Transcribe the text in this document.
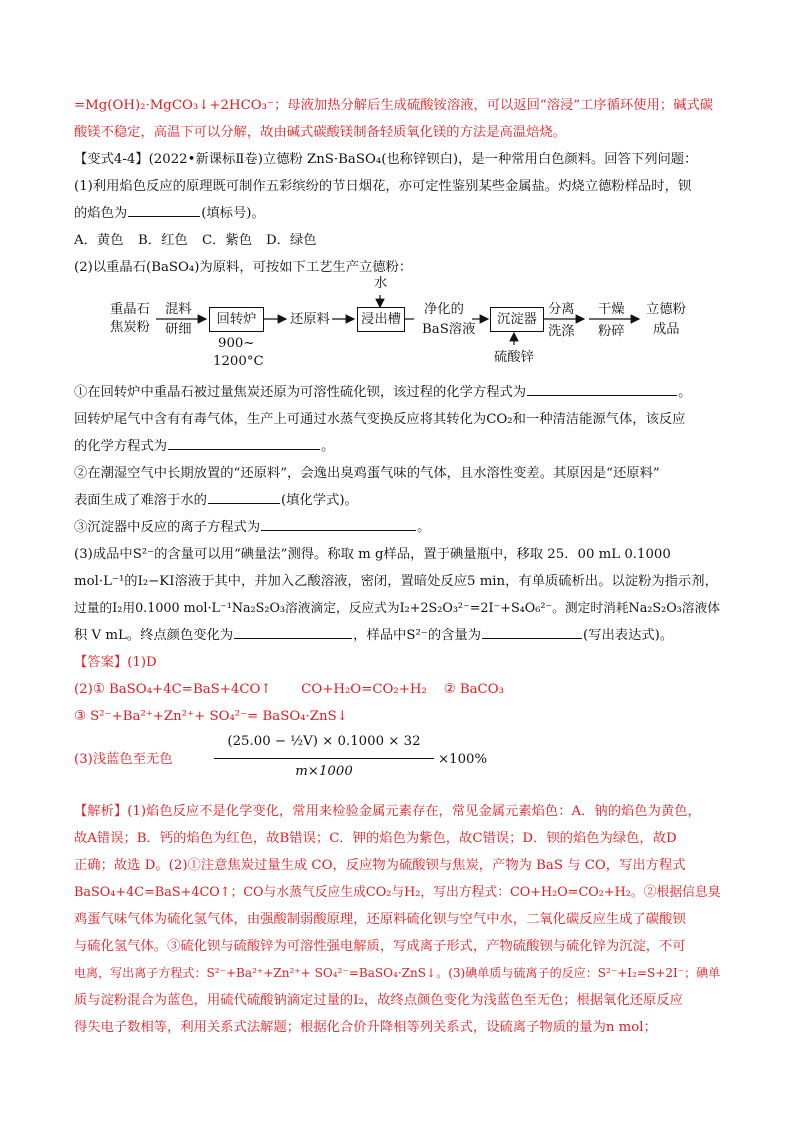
=Mg(OH)₂·MgCO₃↓+2HCO₃⁻；母液加热分解后生成硫酸铵溶液，可以返回“溶浸”工序循环使用；碱式碳
酸镁不稳定，高温下可以分解，故由碱式碳酸镁制备轻质氧化镁的方法是高温焙烧。
【变式4-4】(2022•新课标Ⅱ卷)立德粉 ZnS·BaSO₄(也称锌钡白)，是一种常用白色颜料。回答下列问题：
(1)利用焰色反应的原理既可制作五彩缤纷的节日烟花，亦可定性鉴别某些金属盐。灼烧立德粉样品时，钡
的焰色为	(填标号)。
A．黄色 B．红色 C．紫色 D．绿色
(2)以重晶石(BaSO₄)为原料，可按如下工艺生产立德粉：
重晶石
焦炭粉
混料
研细
回转炉
900~
1200°C
还原料
水
浸出槽
净化的
BaS溶液
沉淀器
硫酸锌
分离
洗涤
干燥
粉碎
立德粉
成品
①在回转炉中重晶石被过量焦炭还原为可溶性硫化钡，该过程的化学方程式为	。
回转炉尾气中含有有毒气体，生产上可通过水蒸气变换反应将其转化为CO₂和一种清洁能源气体，该反应
的化学方程式为	。
②在潮湿空气中长期放置的“还原料”，会逸出臭鸡蛋气味的气体，且水溶性变差。其原因是“还原料”
表面生成了难溶于水的	(填化学式)。
③沉淀器中反应的离子方程式为	。
(3)成品中S²⁻的含量可以用“碘量法”测得。称取 m g样品，置于碘量瓶中，移取 25．00 mL 0.1000
mol·L⁻¹的I₂−KI溶液于其中，并加入乙酸溶液，密闭，置暗处反应5 min，有单质硫析出。以淀粉为指示剂，
过量的I₂用0.1000 mol·L⁻¹Na₂S₂O₃溶液滴定，反应式为I₂+2S₂O₃²⁻=2I⁻+S₄O₆²⁻。测定时消耗Na₂S₂O₃溶液体
积 V mL。终点颜色变化为	，样品中S²⁻的含量为	(写出表达式)。
【答案】(1)D
(2)① BaSO₄+4C=BaS+4CO↑       CO+H₂O=CO₂+H₂    ② BaCO₃
③ S²⁻+Ba²⁺+Zn²⁺+ SO₄²⁻= BaSO₄·ZnS↓
(3)浅蓝色至无色
(25.00 − ½V) × 0.1000 × 32
m×1000
×100%
【解析】(1)焰色反应不是化学变化，常用来检验金属元素存在，常见金属元素焰色：A．钠的焰色为黄色，
故A错误；B．钙的焰色为红色，故B错误；C．钾的焰色为紫色，故C错误；D．钡的焰色为绿色，故D
正确；故选 D。(2)①注意焦炭过量生成 CO，反应物为硫酸钡与焦炭，产物为 BaS 与 CO，写出方程式
BaSO₄+4C=BaS+4CO↑；CO与水蒸气反应生成CO₂与H₂，写出方程式：CO+H₂O=CO₂+H₂。②根据信息臭
鸡蛋气味气体为硫化氢气体，由强酸制弱酸原理，还原料硫化钡与空气中水，二氧化碳反应生成了碳酸钡
与硫化氢气体。③硫化钡与硫酸锌为可溶性强电解质，写成离子形式，产物硫酸钡与硫化锌为沉淀，不可
电离，写出离子方程式：S²⁻+Ba²⁺+Zn²⁺+ SO₄²⁻=BaSO₄·ZnS↓。(3)碘单质与硫离子的反应：S²⁻+I₂=S+2I⁻；碘单
质与淀粉混合为蓝色，用硫代硫酸钠滴定过量的I₂，故终点颜色变化为浅蓝色至无色；根据氧化还原反应
得失电子数相等，利用关系式法解题；根据化合价升降相等列关系式，设硫离子物质的量为n mol；
